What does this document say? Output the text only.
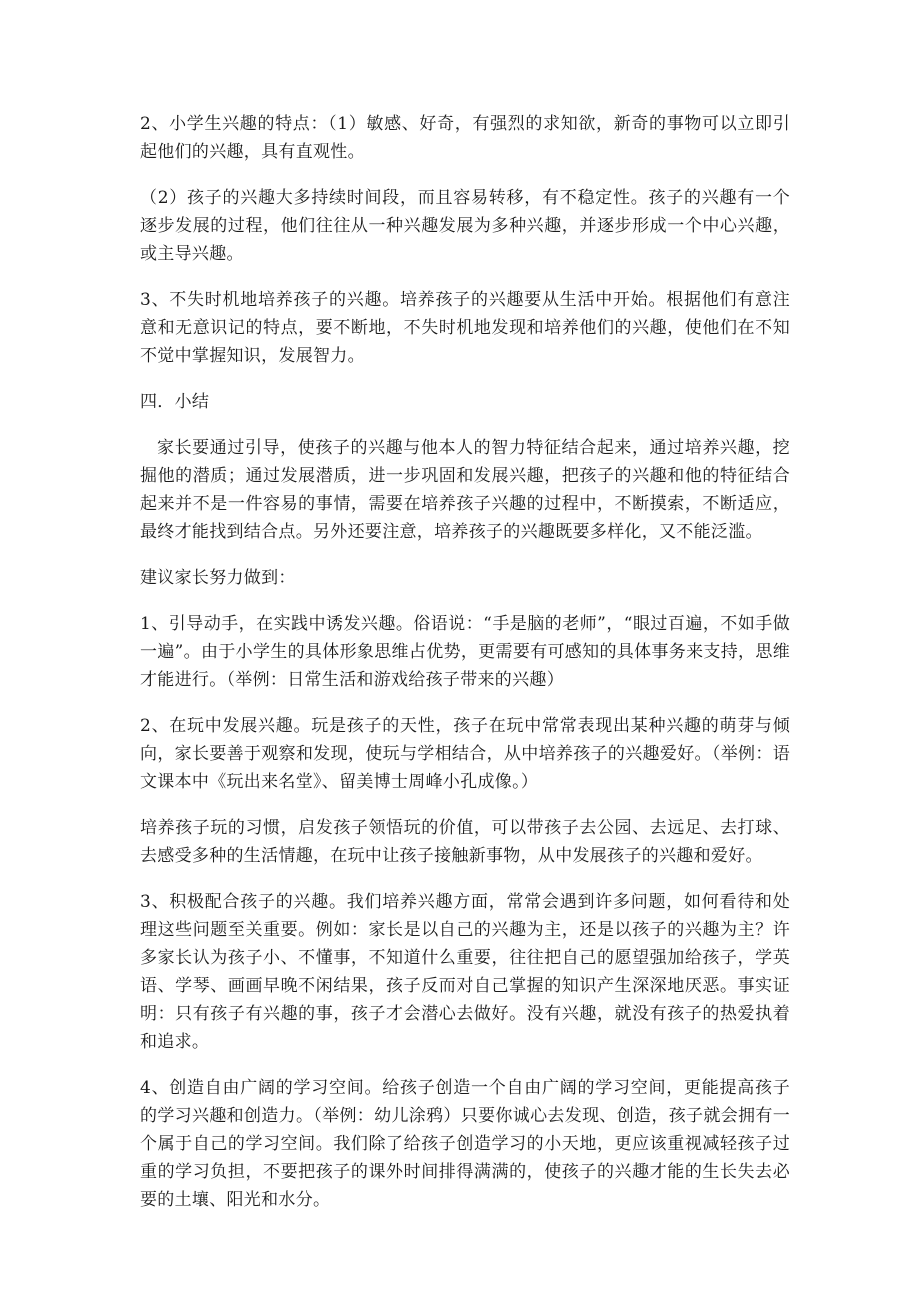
2、小学生兴趣的特点：（1）敏感、好奇，有强烈的求知欲，新奇的事物可以立即引起他们的兴趣，具有直观性。

（2）孩子的兴趣大多持续时间段，而且容易转移，有不稳定性。孩子的兴趣有一个逐步发展的过程，他们往往从一种兴趣发展为多种兴趣，并逐步形成一个中心兴趣，或主导兴趣。

3、不失时机地培养孩子的兴趣。培养孩子的兴趣要从生活中开始。根据他们有意注意和无意识记的特点，要不断地，不失时机地发现和培养他们的兴趣，使他们在不知不觉中掌握知识，发展智力。

四．小结

家长要通过引导，使孩子的兴趣与他本人的智力特征结合起来，通过培养兴趣，挖掘他的潜质；通过发展潜质，进一步巩固和发展兴趣，把孩子的兴趣和他的特征结合起来并不是一件容易的事情，需要在培养孩子兴趣的过程中，不断摸索，不断适应，最终才能找到结合点。另外还要注意，培养孩子的兴趣既要多样化，又不能泛滥。

建议家长努力做到：

1、引导动手，在实践中诱发兴趣。俗语说：“手是脑的老师”，“眼过百遍，不如手做一遍”。由于小学生的具体形象思维占优势，更需要有可感知的具体事务来支持，思维才能进行。（举例：日常生活和游戏给孩子带来的兴趣）

2、在玩中发展兴趣。玩是孩子的天性，孩子在玩中常常表现出某种兴趣的萌芽与倾向，家长要善于观察和发现，使玩与学相结合，从中培养孩子的兴趣爱好。（举例：语文课本中《玩出来名堂》、留美博士周峰小孔成像。）

培养孩子玩的习惯，启发孩子领悟玩的价值，可以带孩子去公园、去远足、去打球、去感受多种的生活情趣，在玩中让孩子接触新事物，从中发展孩子的兴趣和爱好。

3、积极配合孩子的兴趣。我们培养兴趣方面，常常会遇到许多问题，如何看待和处理这些问题至关重要。例如：家长是以自己的兴趣为主，还是以孩子的兴趣为主？许多家长认为孩子小、不懂事，不知道什么重要，往往把自己的愿望强加给孩子，学英语、学琴、画画早晚不闲结果，孩子反而对自己掌握的知识产生深深地厌恶。事实证明：只有孩子有兴趣的事，孩子才会潜心去做好。没有兴趣，就没有孩子的热爱执着和追求。

4、创造自由广阔的学习空间。给孩子创造一个自由广阔的学习空间，更能提高孩子的学习兴趣和创造力。（举例：幼儿涂鸦）只要你诚心去发现、创造，孩子就会拥有一个属于自己的学习空间。我们除了给孩子创造学习的小天地，更应该重视减轻孩子过重的学习负担，不要把孩子的课外时间排得满满的，使孩子的兴趣才能的生长失去必要的土壤、阳光和水分。
